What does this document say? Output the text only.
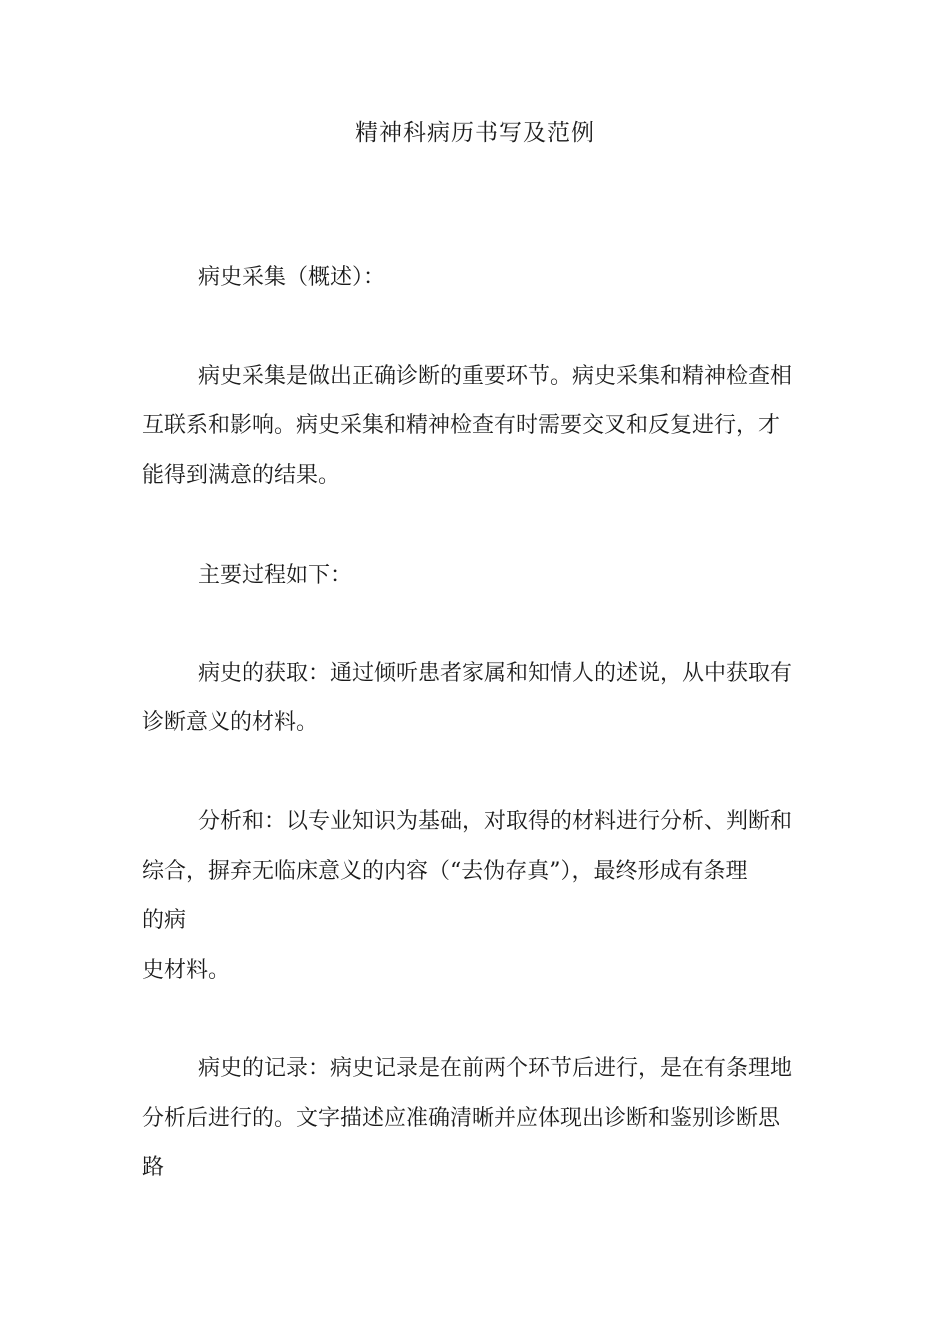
精神科病历书写及范例
病史采集（概述）：
病史采集是做出正确诊断的重要环节。病史采集和精神检查相
互联系和影响。病史采集和精神检查有时需要交叉和反复进行，才
能得到满意的结果。
主要过程如下：
病史的获取：通过倾听患者家属和知情人的述说，从中获取有
诊断意义的材料。
分析和：以专业知识为基础，对取得的材料进行分析、判断和
综合，摒弃无临床意义的内容（“去伪存真”），最终形成有条理
的病
史材料。
病史的记录：病史记录是在前两个环节后进行，是在有条理地
分析后进行的。文字描述应准确清晰并应体现出诊断和鉴别诊断思
路
